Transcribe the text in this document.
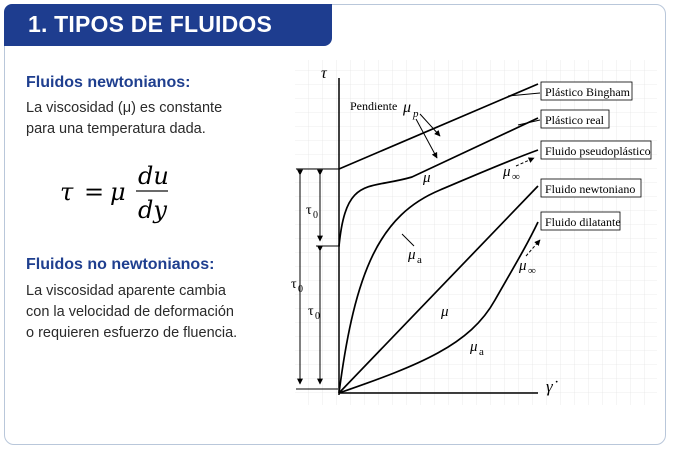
1. TIPOS DE FLUIDOS
Fluidos newtonianos:
La viscosidad (μ) es constante
para una temperatura dada.
τ = μ
du
dy
Fluidos no newtonianos:
La viscosidad aparente cambia
con la velocidad de deformación
o requieren esfuerzo de fluencia.
τ
γ̇
Plástico Bingham
Plástico real
Fluido pseudoplástico
Fluido newtoniano
Fluido dilatante
Pendiente μ p
μ	μ ∞
μ a
μ
μ ∞
μ a
τ 0
τ 0
τ 0
